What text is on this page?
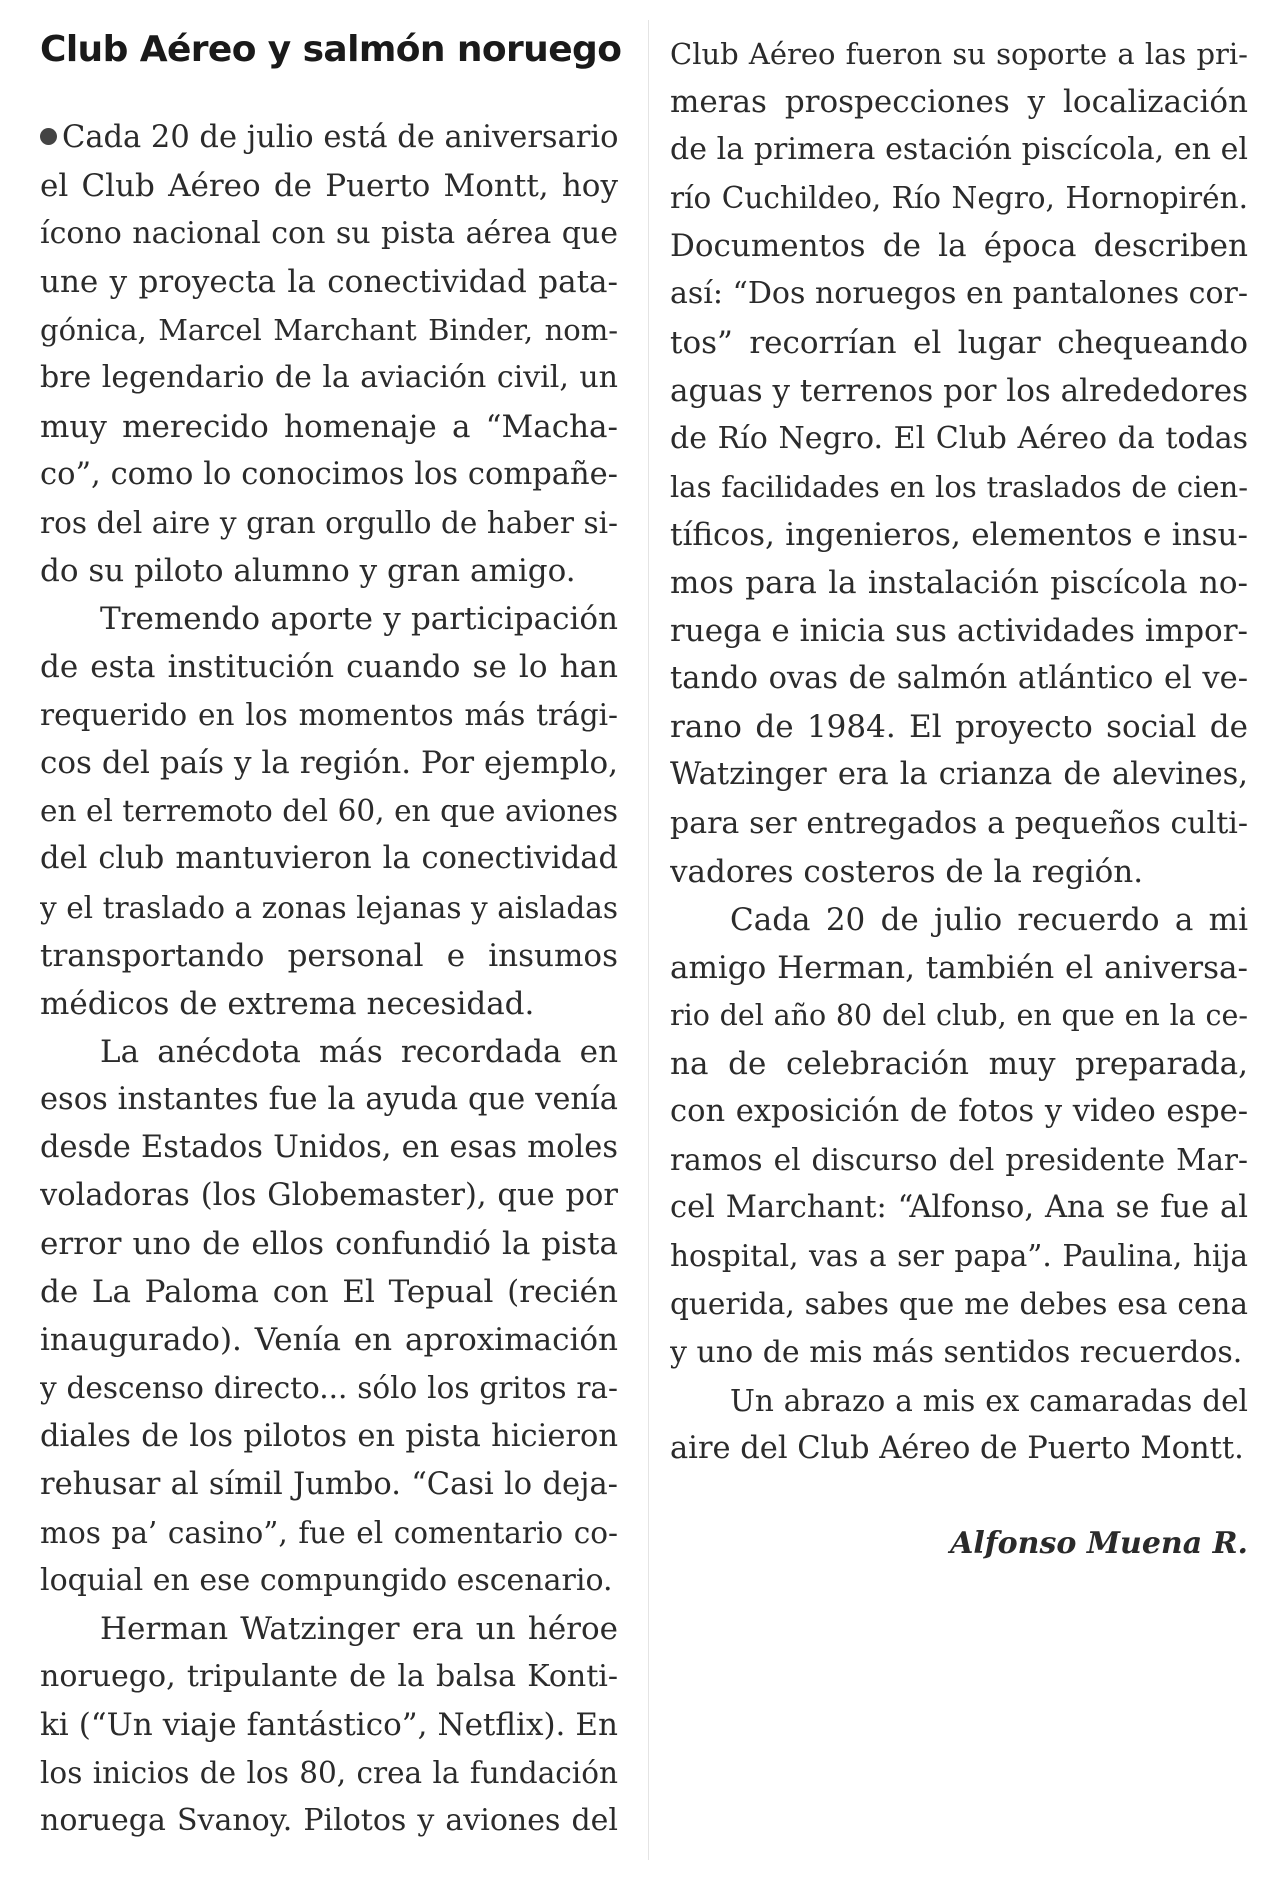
Club Aéreo y salmón noruego
Cada 20 de julio está de aniversario
el Club Aéreo de Puerto Montt, hoy
ícono nacional con su pista aérea que
une y proyecta la conectividad pata-
gónica, Marcel Marchant Binder, nom-
bre legendario de la aviación civil, un
muy merecido homenaje a “Macha-
co”, como lo conocimos los compañe-
ros del aire y gran orgullo de haber si-
do su piloto alumno y gran amigo.
Tremendo aporte y participación
de esta institución cuando se lo han
requerido en los momentos más trági-
cos del país y la región. Por ejemplo,
en el terremoto del 60, en que aviones
del club mantuvieron la conectividad
y el traslado a zonas lejanas y aisladas
transportando personal e insumos
médicos de extrema necesidad.
La anécdota más recordada en
esos instantes fue la ayuda que venía
desde Estados Unidos, en esas moles
voladoras (los Globemaster), que por
error uno de ellos confundió la pista
de La Paloma con El Tepual (recién
inaugurado). Venía en aproximación
y descenso directo... sólo los gritos ra-
diales de los pilotos en pista hicieron
rehusar al símil Jumbo. “Casi lo deja-
mos pa’ casino”, fue el comentario co-
loquial en ese compungido escenario.
Herman Watzinger era un héroe
noruego, tripulante de la balsa Konti-
ki (“Un viaje fantástico”, Netflix). En
los inicios de los 80, crea la fundación
noruega Svanoy. Pilotos y aviones del
Club Aéreo fueron su soporte a las pri-
meras prospecciones y localización
de la primera estación piscícola, en el
río Cuchildeo, Río Negro, Hornopirén.
Documentos de la época describen
así: “Dos noruegos en pantalones cor-
tos” recorrían el lugar chequeando
aguas y terrenos por los alrededores
de Río Negro. El Club Aéreo da todas
las facilidades en los traslados de cien-
tíficos, ingenieros, elementos e insu-
mos para la instalación piscícola no-
ruega e inicia sus actividades impor-
tando ovas de salmón atlántico el ve-
rano de 1984. El proyecto social de
Watzinger era la crianza de alevines,
para ser entregados a pequeños culti-
vadores costeros de la región.
Cada 20 de julio recuerdo a mi
amigo Herman, también el aniversa-
rio del año 80 del club, en que en la ce-
na de celebración muy preparada,
con exposición de fotos y video espe-
ramos el discurso del presidente Mar-
cel Marchant: “Alfonso, Ana se fue al
hospital, vas a ser papa”. Paulina, hija
querida, sabes que me debes esa cena
y uno de mis más sentidos recuerdos.
Un abrazo a mis ex camaradas del
aire del Club Aéreo de Puerto Montt.
Alfonso Muena R.
